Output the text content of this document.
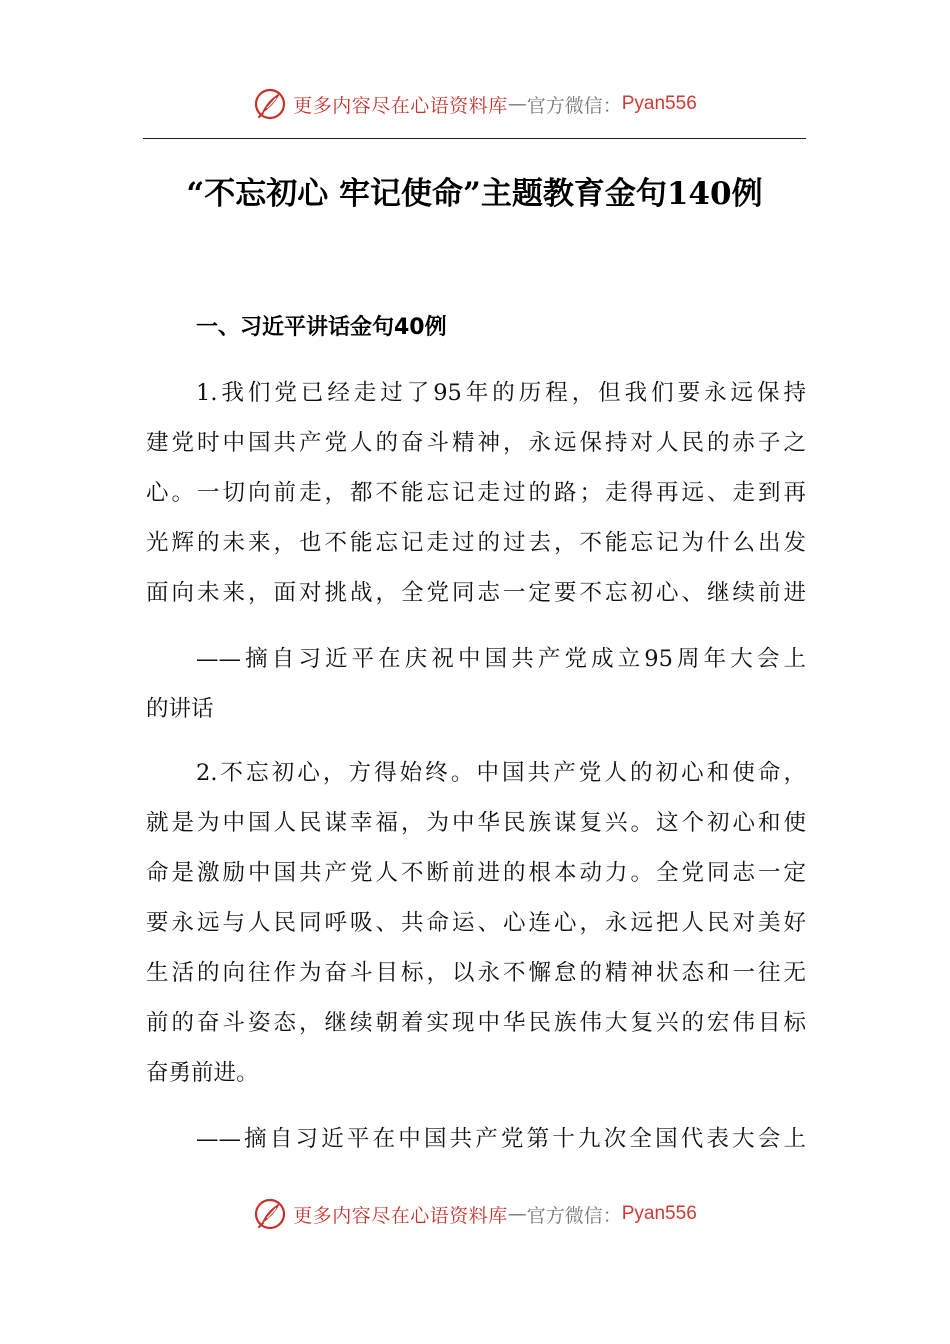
更多内容尽在心语资料库 — 官方微信： Pyan556
“不忘初心 牢记使命”主题教育金句140例
一、习近平讲话金句40例
1.我们党已经走过了95年的历程，但我们要永远保持
建党时中国共产党人的奋斗精神，永远保持对人民的赤子之
心。一切向前走，都不能忘记走过的路；走得再远、走到再
光辉的未来，也不能忘记走过的过去，不能忘记为什么出发
面向未来，面对挑战，全党同志一定要不忘初心、继续前进
——摘自习近平在庆祝中国共产党成立95周年大会上
的讲话
2.不忘初心，方得始终。中国共产党人的初心和使命，
就是为中国人民谋幸福，为中华民族谋复兴。这个初心和使
命是激励中国共产党人不断前进的根本动力。全党同志一定
要永远与人民同呼吸、共命运、心连心，永远把人民对美好
生活的向往作为奋斗目标，以永不懈怠的精神状态和一往无
前的奋斗姿态，继续朝着实现中华民族伟大复兴的宏伟目标
奋勇前进。
——摘自习近平在中国共产党第十九次全国代表大会上
更多内容尽在心语资料库 — 官方微信： Pyan556
